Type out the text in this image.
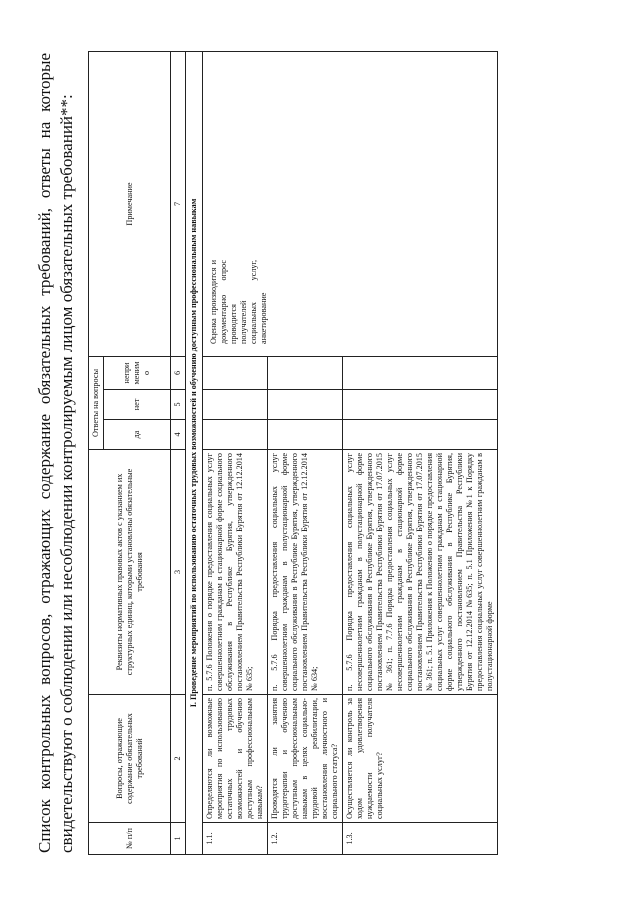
Список контрольных вопросов, отражающих содержание обязательных требований, ответы на которые свидетельствуют о соблюдении или несоблюдении контролируемым лицом обязательных требований**:	№ п/п	Вопросы, отражающие содержание обязательных требований	Реквизиты нормативных правовых актов с указанием их структурных единиц, которыми установлены обязательные требования	Ответы на вопросы			Примечание
			да	нет	непри меним о	
1	2	3	4	5	6	7
I. Проведение мероприятий по использованию остаточных трудовых возможностей и обучению доступным профессиональным навыкам						
1.1.	Определяются ли возможные мероприятия по использованию остаточных трудовых возможностей и обучению доступным профессиональным навыкам?	п. 5.7.6 Положения о порядке предоставления социальных услуг совершеннолетним гражданам в стационарной форме социального обслуживания в Республике Бурятия, утвержденного постановлением Правительства Республики Бурятия от 12.12.2014 № 635;				Оценка производится и документарно опрос проводится получателей социальных услуг, анкетирование

1.2.	Проводятся ли занятия трудотерапии и обучению доступным профессиональным навыкам в целях социально-трудовой реабилитации, восстановления личностного и социального статуса?	п. 5.7.6 Порядка предоставления социальных услуг совершеннолетним гражданам в полустационарной форме социального обслуживания в Республике Бурятия, утвержденного постановлением Правительства Республики Бурятия от 12.12.2014 № 634;				
1.3.	Осуществляется ли контроль за ходом удовлетворения нуждаемости получателя социальных услуг?	п. 5.7.6 Порядка предоставления социальных услуг несовершеннолетним гражданам в полустационарной форме социального обслуживания в Республике Бурятия, утвержденного постановлением Правительства Республики Бурятия от 17.07.2015 № 361; п. 7.7.6 Порядка предоставления социальных услуг несовершеннолетним гражданам в стационарной форме социального обслуживания в Республике Бурятия, утвержденного постановлением Правительства Республики Бурятия от 17.07.2015 № 361; п. 5.1 Приложения к Положению о порядке предоставления социальных услуг совершеннолетним гражданам в стационарной форме социального обслуживания в Республике Бурятия, утвержденного постановлением Правительства Республики Бурятия от 12.12.2014 №635; п. 5.1 Приложения №1 к Порядку предоставления социальных услуг совершеннолетним гражданам в полустационарной форме				
